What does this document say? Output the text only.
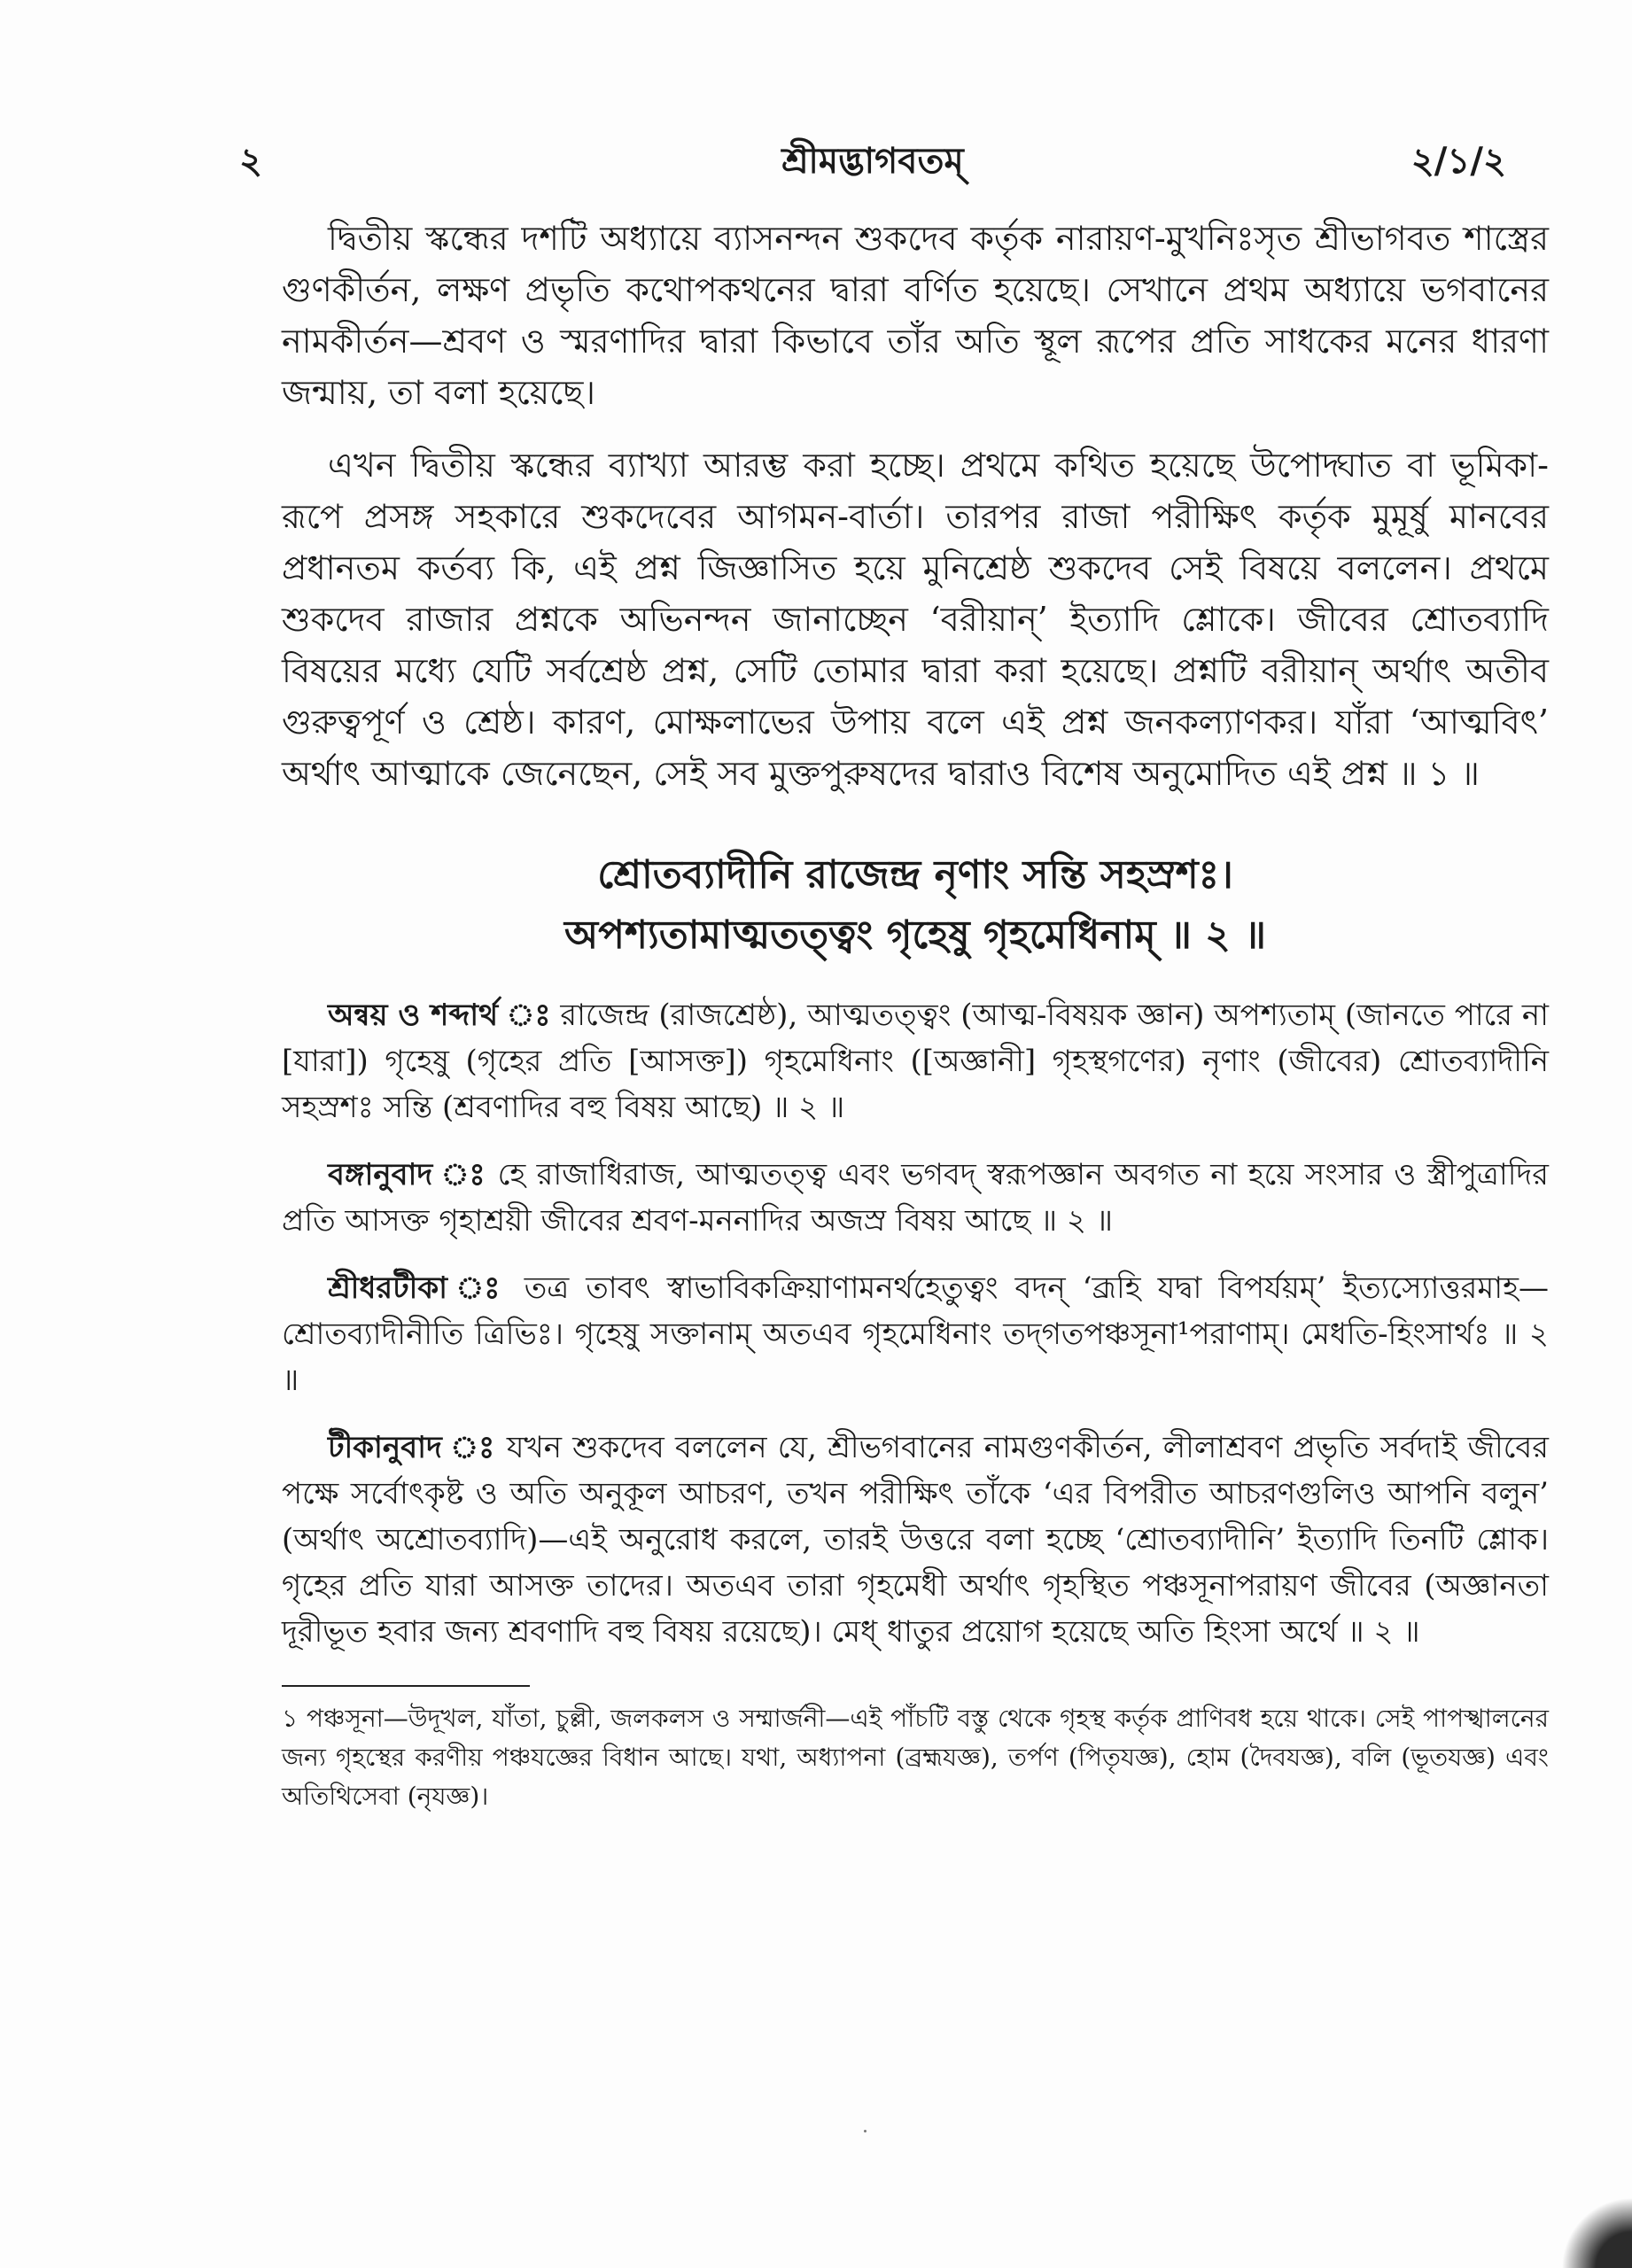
২	শ্রীমদ্ভাগবতম্	২/১/২

দ্বিতীয় স্কন্ধের দশটি অধ্যায়ে ব্যাসনন্দন শুকদেব কর্তৃক নারায়ণ-মুখনিঃসৃত শ্রীভাগবত শাস্ত্রের গুণকীর্তন, লক্ষণ প্রভৃতি কথোপকথনের দ্বারা বর্ণিত হয়েছে। সেখানে প্রথম অধ্যায়ে ভগবানের নামকীর্তন—শ্রবণ ও স্মরণাদির দ্বারা কিভাবে তাঁর অতি স্থূল রূপের প্রতি সাধকের মনের ধারণা জন্মায়, তা বলা হয়েছে।

এখন দ্বিতীয় স্কন্ধের ব্যাখ্যা আরম্ভ করা হচ্ছে। প্রথমে কথিত হয়েছে উপোদ্ঘাত বা ভূমিকা-রূপে প্রসঙ্গ সহকারে শুকদেবের আগমন-বার্তা। তারপর রাজা পরীক্ষিৎ কর্তৃক মুমূর্ষু মানবের প্রধানতম কর্তব্য কি, এই প্রশ্ন জিজ্ঞাসিত হয়ে মুনিশ্রেষ্ঠ শুকদেব সেই বিষয়ে বললেন। প্রথমে শুকদেব রাজার প্রশ্নকে অভিনন্দন জানাচ্ছেন ‘বরীয়ান্’ ইত্যাদি শ্লোকে। জীবের শ্রোতব্যাদি বিষয়ের মধ্যে যেটি সর্বশ্রেষ্ঠ প্রশ্ন, সেটি তোমার দ্বারা করা হয়েছে। প্রশ্নটি বরীয়ান্ অর্থাৎ অতীব গুরুত্বপূর্ণ ও শ্রেষ্ঠ। কারণ, মোক্ষলাভের উপায় বলে এই প্রশ্ন জনকল্যাণকর। যাঁরা ‘আত্মবিৎ’ অর্থাৎ আত্মাকে জেনেছেন, সেই সব মুক্তপুরুষদের দ্বারাও বিশেষ অনুমোদিত এই প্রশ্ন ॥ ১ ॥

শ্রোতব্যাদীনি রাজেন্দ্র নৃণাং সন্তি সহস্রশঃ।
অপশ্যতামাত্মতত্ত্বং গৃহেষু গৃহমেধিনাম্ ॥ ২ ॥

অন্বয় ও শব্দার্থ ঃ রাজেন্দ্র (রাজশ্রেষ্ঠ), আত্মতত্ত্বং (আত্ম-বিষয়ক জ্ঞান) অপশ্যতাম্ (জানতে পারে না [যারা]) গৃহেষু (গৃহের প্রতি [আসক্ত]) গৃহমেধিনাং ([অজ্ঞানী] গৃহস্থগণের) নৃণাং (জীবের) শ্রোতব্যাদীনি সহস্রশঃ সন্তি (শ্রবণাদির বহু বিষয় আছে) ॥ ২ ॥

বঙ্গানুবাদ ঃ হে রাজাধিরাজ, আত্মতত্ত্ব এবং ভগবদ্ স্বরূপজ্ঞান অবগত না হয়ে সংসার ও স্ত্রীপুত্রাদির প্রতি আসক্ত গৃহাশ্রয়ী জীবের শ্রবণ-মননাদির অজস্র বিষয় আছে ॥ ২ ॥

শ্রীধরটীকা ঃ তত্র তাবৎ স্বাভাবিকক্রিয়াণামনর্থহেতুত্বং বদন্ ‘ব্রূহি যদ্বা বিপর্যয়ম্’ ইত্যস্যোত্তরমাহ—শ্রোতব্যাদীনীতি ত্রিভিঃ। গৃহেষু সক্তানাম্ অতএব গৃহমেধিনাং তদ্‌গতপঞ্চসূনা¹পরাণাম্। মেধতি-হিংসার্থঃ ॥ ২ ॥

টীকানুবাদ ঃ যখন শুকদেব বললেন যে, শ্রীভগবানের নামগুণকীর্তন, লীলাশ্রবণ প্রভৃতি সর্বদাই জীবের পক্ষে সর্বোৎকৃষ্ট ও অতি অনুকূল আচরণ, তখন পরীক্ষিৎ তাঁকে ‘এর বিপরীত আচরণগুলিও আপনি বলুন’ (অর্থাৎ অশ্রোতব্যাদি)—এই অনুরোধ করলে, তারই উত্তরে বলা হচ্ছে ‘শ্রোতব্যাদীনি’ ইত্যাদি তিনটি শ্লোক। গৃহের প্রতি যারা আসক্ত তাদের। অতএব তারা গৃহমেধী অর্থাৎ গৃহস্থিত পঞ্চসূনাপরায়ণ জীবের (অজ্ঞানতা দূরীভূত হবার জন্য শ্রবণাদি বহু বিষয় রয়েছে)। মেধ্ ধাতুর প্রয়োগ হয়েছে অতি হিংসা অর্থে ॥ ২ ॥

১ পঞ্চসূনা—উদূখল, যাঁতা, চুল্লী, জলকলস ও সম্মার্জনী—এই পাঁচটি বস্তু থেকে গৃহস্থ কর্তৃক প্রাণিবধ হয়ে থাকে। সেই পাপস্খালনের জন্য গৃহস্থের করণীয় পঞ্চযজ্ঞের বিধান আছে। যথা, অধ্যাপনা (ব্রহ্মযজ্ঞ), তর্পণ (পিতৃযজ্ঞ), হোম (দৈবযজ্ঞ), বলি (ভূতযজ্ঞ) এবং অতিথিসেবা (নৃযজ্ঞ)।
